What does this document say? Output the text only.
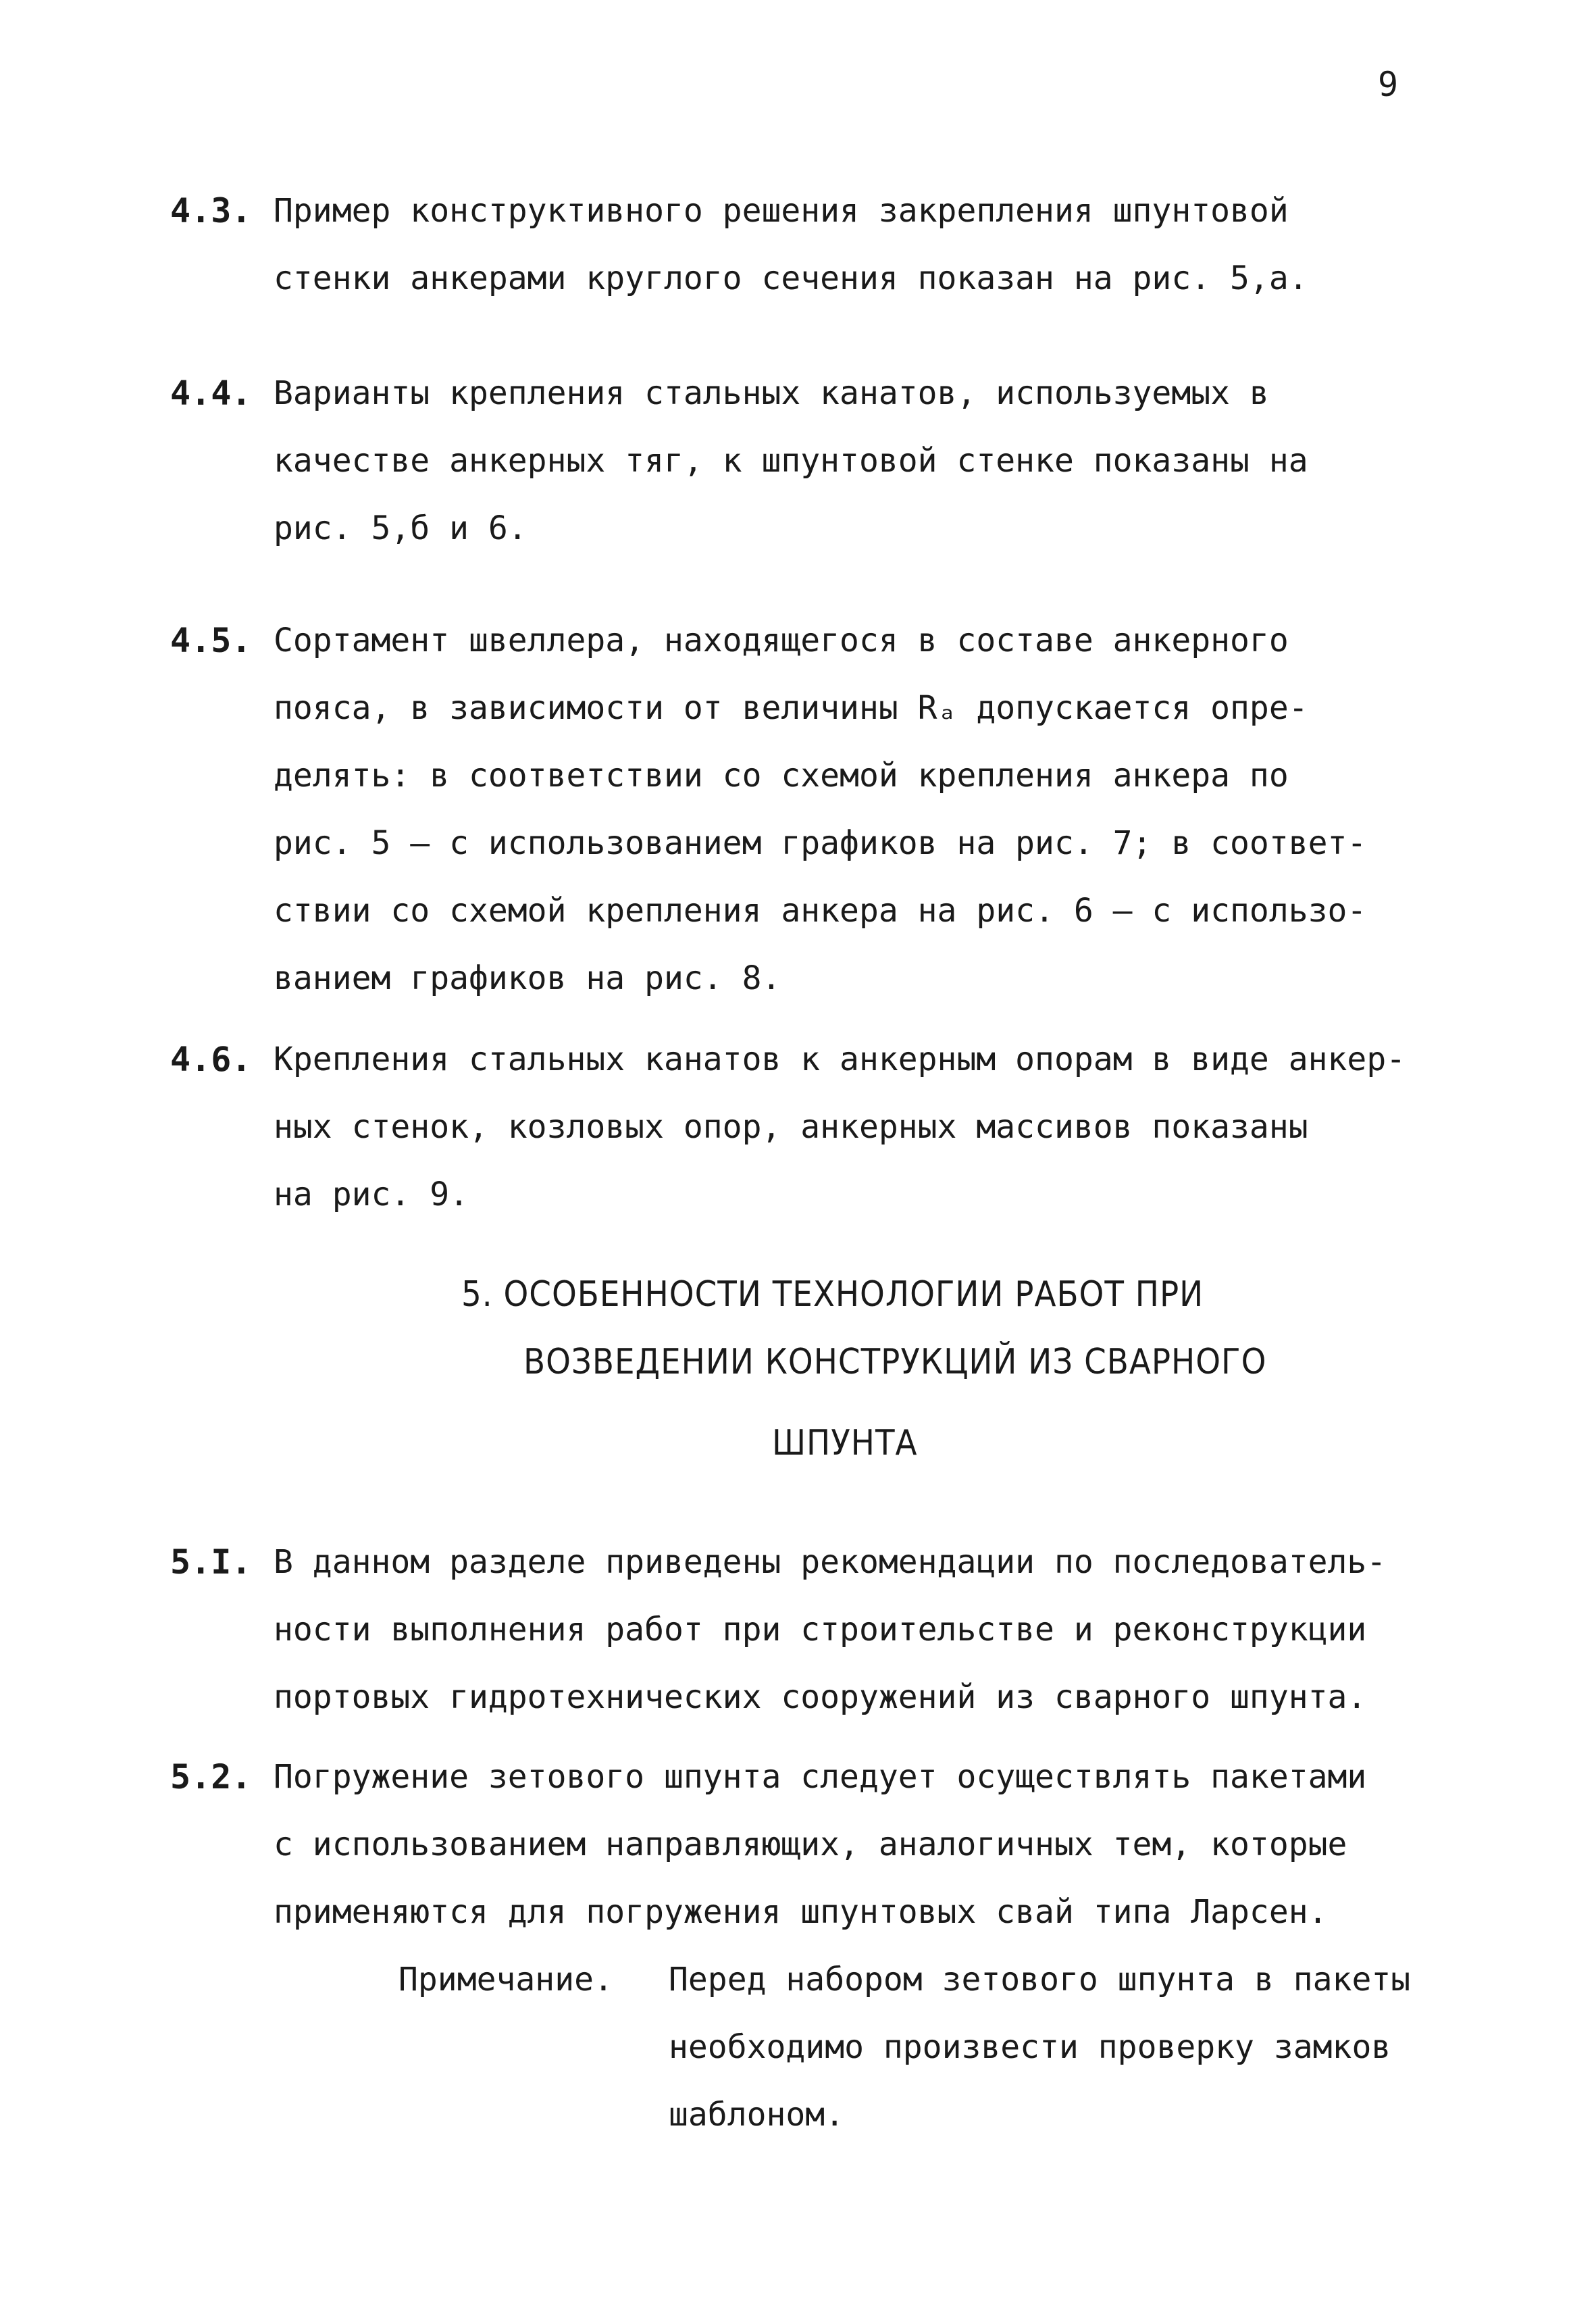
9
4.3. Пример конструктивного решения закрепления шпунтовой
стенки анкерами круглого сечения показан на рис. 5,а.
4.4. Варианты крепления стальных канатов, используемых в
качестве анкерных тяг, к шпунтовой стенке показаны на
рис. 5,б и 6.
4.5. Сортамент швеллера, находящегося в составе анкерного
пояса, в зависимости от величины Rₐ допускается опре-
делять: в соответствии со схемой крепления анкера по
рис. 5 – с использованием графиков на рис. 7; в соответ-
ствии со схемой крепления анкера на рис. 6 – с использо-
ванием графиков на рис. 8.
4.6. Крепления стальных канатов к анкерным опорам в виде анкер-
ных стенок, козловых опор, анкерных массивов показаны
на рис. 9.
5. ОСОБЕННОСТИ ТЕХНОЛОГИИ РАБОТ ПРИ
ВОЗВЕДЕНИИ КОНСТРУКЦИЙ ИЗ СВАРНОГО
ШПУНТА
5.I. В данном разделе приведены рекомендации по последователь-
ности выполнения работ при строительстве и реконструкции
портовых гидротехнических сооружений из сварного шпунта.
5.2. Погружение зетового шпунта следует осуществлять пакетами
с использованием направляющих, аналогичных тем, которые
применяются для погружения шпунтовых свай типа Ларсен.
Примечание. Перед набором зетового шпунта в пакеты
необходимо произвести проверку замков
шаблоном.
